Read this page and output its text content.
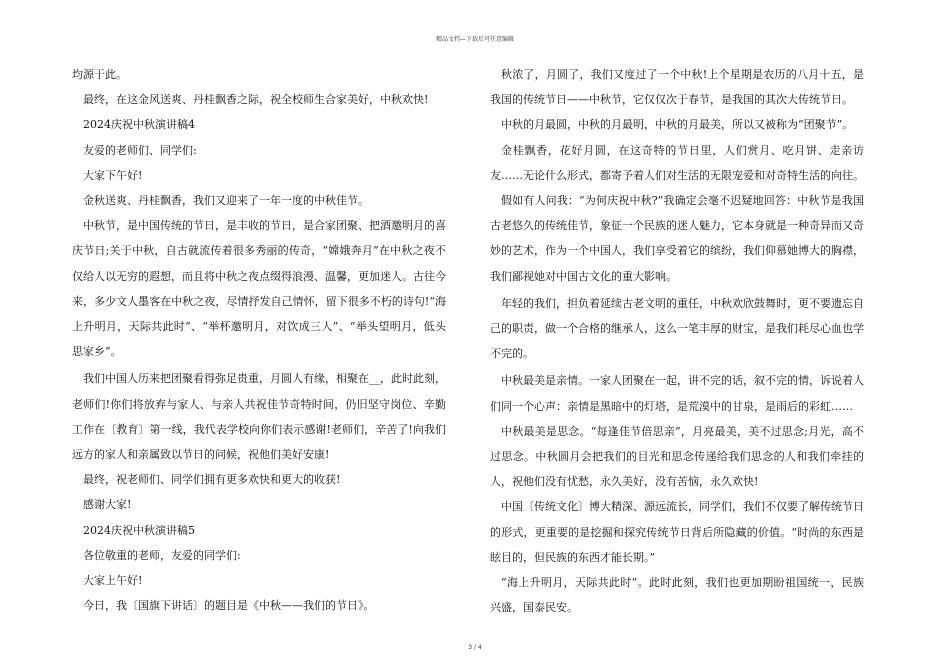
精品文档—下载后可任意编辑

均源于此。

最终，在这金风送爽、丹桂飘香之际，祝全校师生合家美好，中秋欢快!

2024庆祝中秋演讲稿4

友爱的老师们、同学们:

大家下午好!

金秋送爽、丹桂飘香，我们又迎来了一年一度的中秋佳节。

中秋节，是中国传统的节日，是丰收的节日，是合家团聚、把酒邀明月的喜庆节日;关于中秋，自古就流传着很多秀丽的传奇，“嫦娥奔月”在中秋之夜不仅给人以无穷的遐想，而且将中秋之夜点缀得浪漫、温馨，更加迷人。古往今来，多少文人墨客在中秋之夜，尽情抒发自己情怀，留下很多不朽的诗句!“海上升明月，天际共此时”、“举杯邀明月，对饮成三人”、“举头望明月，低头思家乡”。

我们中国人历来把团聚看得弥足贵重，月圆人有缘，相聚在__，此时此刻，老师们!你们将放弃与家人、与亲人共祝佳节奇特时间，仍旧坚守岗位、辛勤工作在〔教育〕第一线，我代表学校向你们表示感谢!老师们，辛苦了!向我们远方的家人和亲属致以节日的问候，祝他们美好安康!

最终，祝老师们、同学们拥有更多欢快和更大的收获!

感谢大家!

2024庆祝中秋演讲稿5

各位敬重的老师，友爱的同学们:

大家上午好!

今日，我〔国旗下讲话〕的题目是《中秋——我们的节日》。

秋浓了，月圆了，我们又度过了一个中秋!上个星期是农历的八月十五，是我国的传统节日——中秋节，它仅仅次于春节，是我国的其次大传统节日。

中秋的月最圆，中秋的月最明，中秋的月最美，所以又被称为“团聚节”。

金桂飘香，花好月圆，在这奇特的节日里，人们赏月、吃月饼、走亲访友……无论什么形式，都寄予着人们对生活的无限宠爱和对奇特生活的向往。

假如有人问我：“为何庆祝中秋?”我确定会毫不迟疑地回答：中秋节是我国古老悠久的传统佳节，象征一个民族的迷人魅力，它本身就是一种奇异而又奇妙的艺术，作为一个中国人，我们享受着它的缤纷，我们仰慕她博大的胸襟，我们鄙视她对中国古文化的重大影响。

年轻的我们，担负着延续古老文明的重任，中秋欢欣鼓舞时，更不要遗忘自己的职责，做一个合格的继承人，这么一笔丰厚的财宝，是我们耗尽心血也学不完的。

中秋最美是亲情。一家人团聚在一起，讲不完的话，叙不完的情，诉说着人们同一个心声：亲情是黑暗中的灯塔，是荒漠中的甘泉，是雨后的彩虹……

中秋最美是思念。“每逢佳节倍思亲”，月亮最美，美不过思念;月光，高不过思念。中秋圆月会把我们的目光和思念传递给我们思念的人和我们牵挂的人，祝他们没有忧愁，永久美好，没有苦恼，永久欢快!

中国〔传统文化〕博大精深、源远流长，同学们，我们不仅要了解传统节日的形式，更重要的是挖掘和探究传统节日背后所隐藏的价值。“时尚的东西是眩目的，但民族的东西才能长期。”

“海上升明月，天际共此时”。此时此刻，我们也更加期盼祖国统一，民族兴盛，国泰民安。

3 / 4
